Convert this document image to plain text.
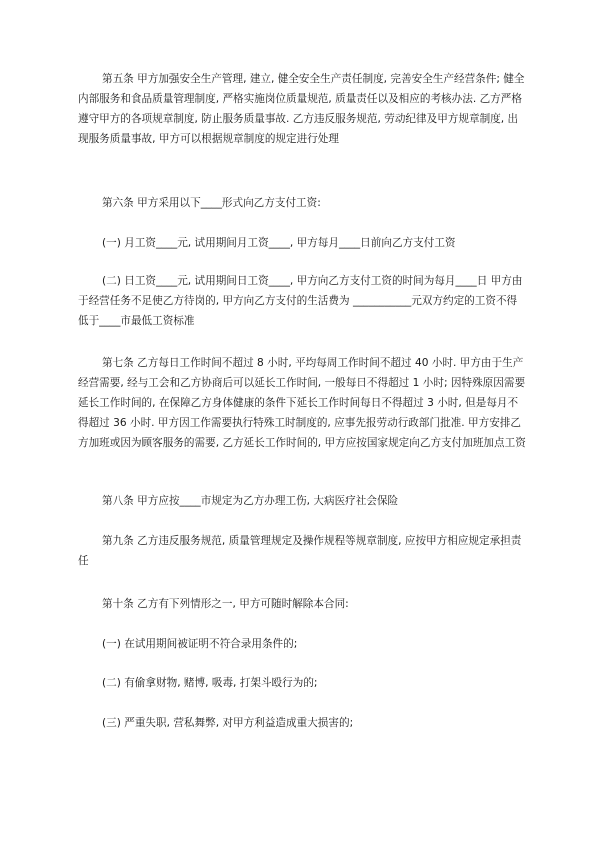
第五条 甲方加强安全生产管理, 建立, 健全安全生产责任制度, 完善安全生产经营条件; 健全内部服务和食品质量管理制度, 严格实施岗位质量规范, 质量责任以及相应的考核办法. 乙方严格遵守甲方的各项规章制度, 防止服务质量事故. 乙方违反服务规范, 劳动纪律及甲方规章制度, 出现服务质量事故, 甲方可以根据规章制度的规定进行处理

第六条 甲方采用以下____形式向乙方支付工资:

(一) 月工资____元, 试用期间月工资____, 甲方每月____日前向乙方支付工资

(二) 日工资____元, 试用期间日工资____, 甲方向乙方支付工资的时间为每月____日 甲方由于经营任务不足使乙方待岗的, 甲方向乙方支付的生活费为 ___________元双方约定的工资不得低于____市最低工资标准

第七条 乙方每日工作时间不超过 8 小时, 平均每周工作时间不超过 40 小时. 甲方由于生产经营需要, 经与工会和乙方协商后可以延长工作时间, 一般每日不得超过 1 小时; 因特殊原因需要延长工作时间的, 在保障乙方身体健康的条件下延长工作时间每日不得超过 3 小时, 但是每月不得超过 36 小时. 甲方因工作需要执行特殊工时制度的, 应事先报劳动行政部门批准. 甲方安排乙方加班或因为顾客服务的需要, 乙方延长工作时间的, 甲方应按国家规定向乙方支付加班加点工资

第八条 甲方应按____市规定为乙方办理工伤, 大病医疗社会保险

第九条 乙方违反服务规范, 质量管理规定及操作规程等规章制度, 应按甲方相应规定承担责任

第十条 乙方有下列情形之一, 甲方可随时解除本合同:

(一) 在试用期间被证明不符合录用条件的;

(二) 有偷拿财物, 赌博, 吸毒, 打架斗殴行为的;

(三) 严重失职, 营私舞弊, 对甲方利益造成重大损害的;
